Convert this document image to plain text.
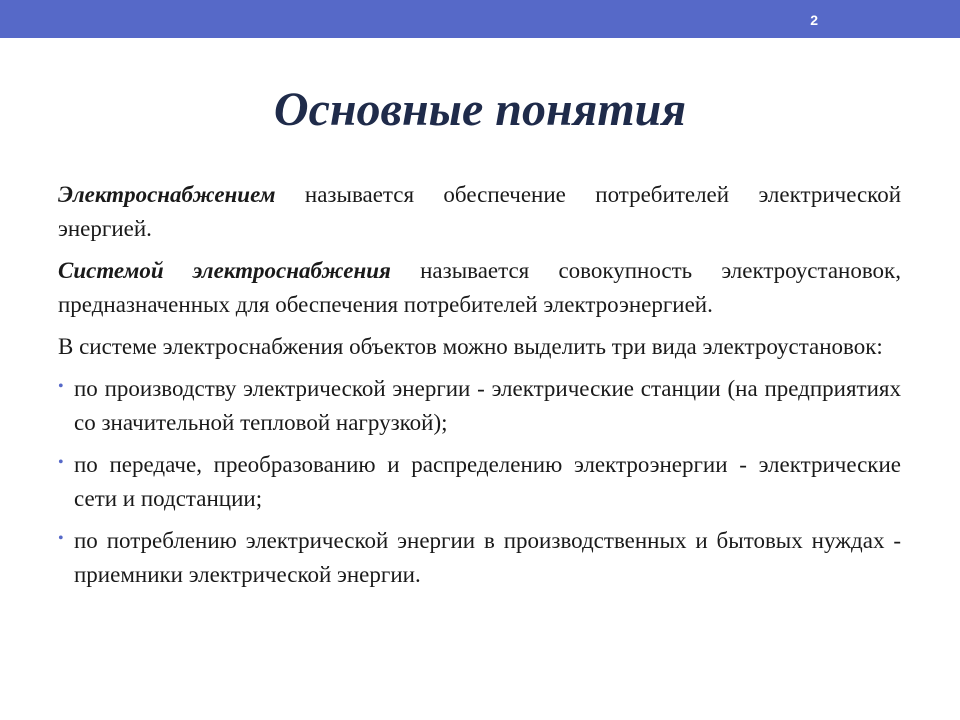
2
Основные понятия

Электроснабжением называется обеспечение потребителей электрической энергией.

Системой электроснабжения называется совокупность электроустановок, предназначенных для обеспечения потребителей электроэнергией.

В системе электроснабжения объектов можно выделить три вида электроустановок:

• по производству электрической энергии - электрические станции (на предприятиях со значительной тепловой нагрузкой);
• по передаче, преобразованию и распределению электроэнергии - электрические сети и подстанции;
• по потреблению электрической энергии в производственных и бытовых нуждах - приемники электрической энергии.
